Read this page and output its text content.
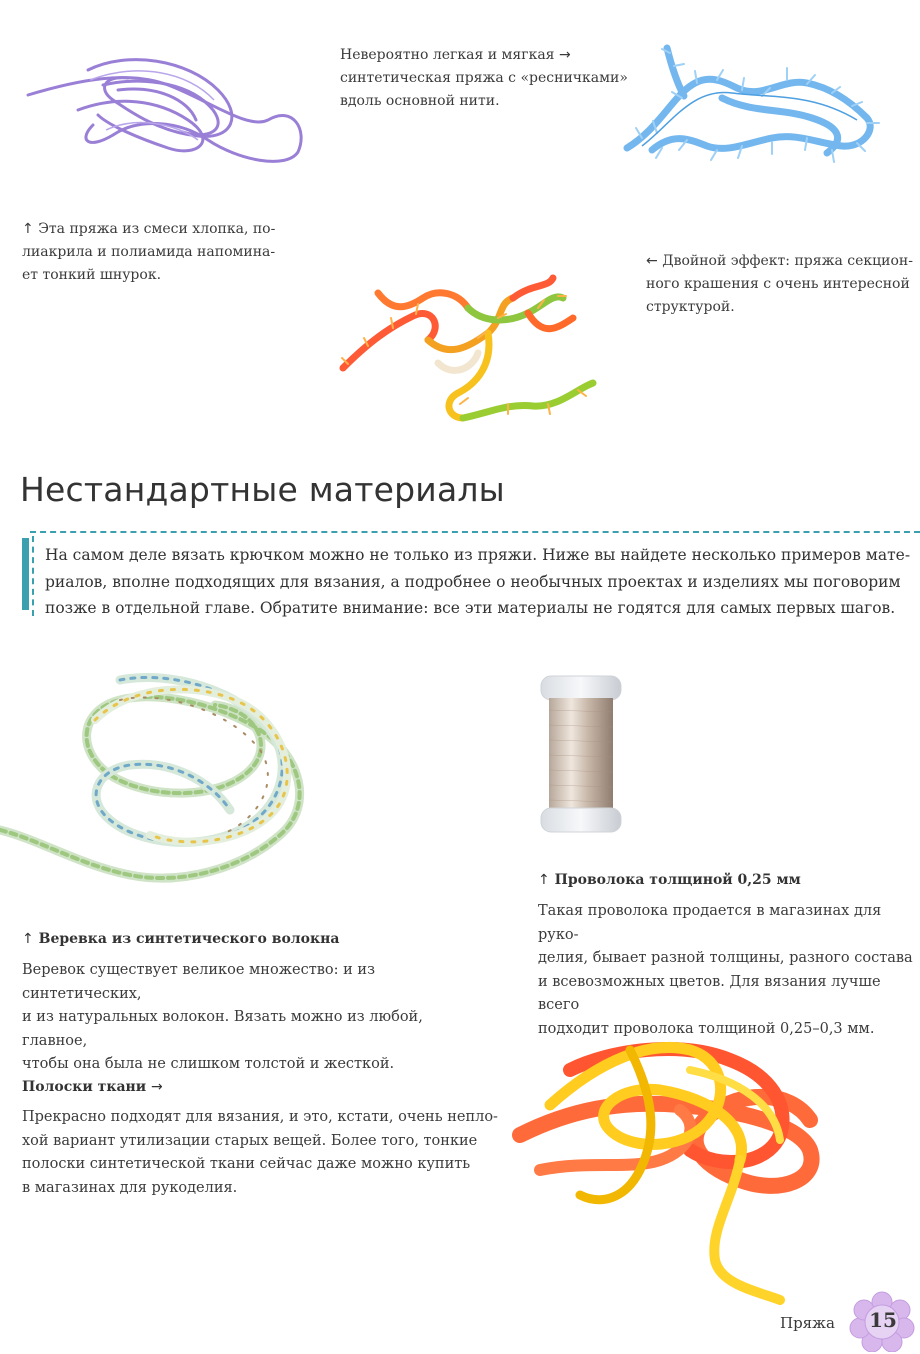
↑ Эта пряжа из смеси хлопка, по-
лиакрила и полиамида напомина-
ет тонкий шнурок.
Невероятно легкая и мягкая →
синтетическая пряжа с «ресничками»
вдоль основной нити.
← Двойной эффект: пряжа секцион-
ного крашения с очень интересной
структурой.
Нестандартные материалы
На самом деле вязать крючком можно не только из пряжи. Ниже вы найдете несколько примеров мате-
риалов, вполне подходящих для вязания, а подробнее о необычных проектах и изделиях мы поговорим
позже в отдельной главе. Обратите внимание: все эти материалы не годятся для самых первых шагов.
↑ Веревка из синтетического волокна
Веревок существует великое множество: и из синтетических,
и из натуральных волокон. Вязать можно из любой, главное,
чтобы она была не слишком толстой и жесткой.
↑ Проволока толщиной 0,25 мм
Такая проволока продается в магазинах для руко-
делия, бывает разной толщины, разного состава
и всевозможных цветов. Для вязания лучше всего
подходит проволока толщиной 0,25–0,3 мм.
Полоски ткани →
Прекрасно подходят для вязания, и это, кстати, очень непло-
хой вариант утилизации старых вещей. Более того, тонкие
полоски синтетической ткани сейчас даже можно купить
в магазинах для рукоделия.
Пряжа 15
